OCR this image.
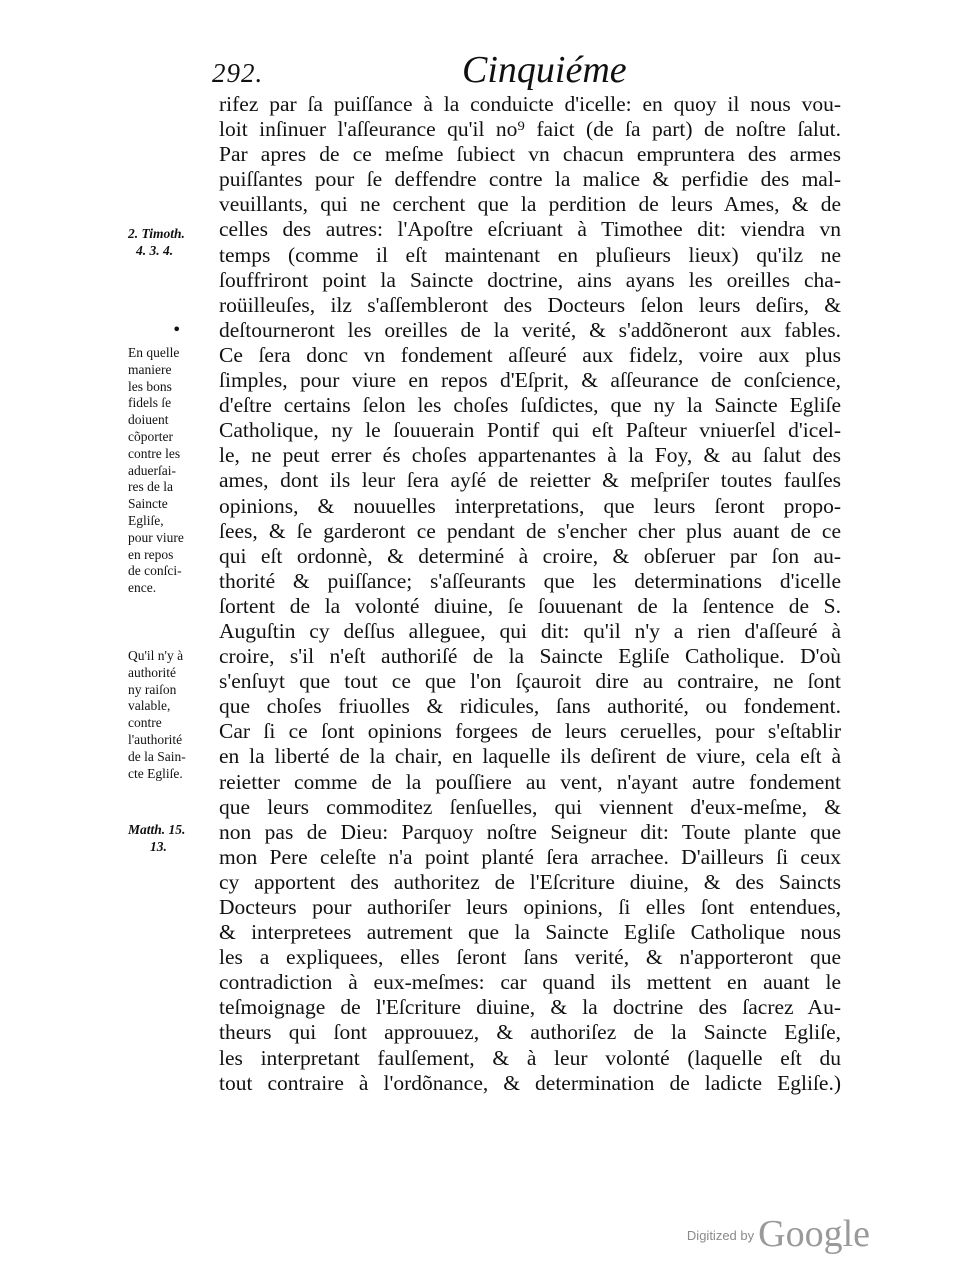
292.	Cinquiéme
rifez par ſa puiſſance à la conduicte d'icelle: en quoy il nous vou-
loit inſinuer l'aſſeurance qu'il no⁹ faict (de ſa part) de noſtre ſalut.
Par apres de ce meſme ſubiect vn chacun empruntera des armes
puiſſantes pour ſe deffendre contre la malice & perfidie des mal-
veuillants, qui ne cerchent que la perdition de leurs Ames, & de
celles des autres: l'Apoſtre eſcriuant à Timothee dit: viendra vn
temps (comme il eſt maintenant en pluſieurs lieux) qu'ilz ne
ſouffriront point la Saincte doctrine, ains ayans les oreilles cha-
roüilleuſes, ilz s'aſſembleront des Docteurs ſelon leurs deſirs, &
deſtourneront les oreilles de la verité, & s'addõneront aux fables.
Ce ſera donc vn fondement aſſeuré aux fidelz, voire aux plus
ſimples, pour viure en repos d'Eſprit, & aſſeurance de conſcience,
d'eſtre certains ſelon les choſes ſuſdictes, que ny la Saincte Egliſe
Catholique, ny le ſouuerain Pontif qui eſt Paſteur vniuerſel d'icel-
le, ne peut errer és choſes appartenantes à la Foy, & au ſalut des
ames, dont ils leur ſera ayſé de reietter & meſpriſer toutes faulſes
opinions, & nouuelles interpretations, que leurs ſeront propo-
ſees, & ſe garderont ce pendant de s'encher cher plus auant de ce
qui eſt ordonnè, & determiné à croire, & obſeruer par ſon au-
thorité & puiſſance; s'aſſeurants que les determinations d'icelle
ſortent de la volonté diuine, ſe ſouuenant de la ſentence de S.
Auguſtin cy deſſus alleguee, qui dit: qu'il n'y a rien d'aſſeuré à
croire, s'il n'eſt authoriſé de la Saincte Egliſe Catholique. D'où
s'enſuyt que tout ce que l'on ſçauroit dire au contraire, ne ſont
que choſes friuolles & ridicules, ſans authorité, ou fondement.
Car ſi ce ſont opinions forgees de leurs ceruelles, pour s'eſtablir
en la liberté de la chair, en laquelle ils deſirent de viure, cela eſt à
reietter comme de la pouſſiere au vent, n'ayant autre fondement
que leurs commoditez ſenſuelles, qui viennent d'eux-meſme, &
non pas de Dieu: Parquoy noſtre Seigneur dit: Toute plante que
mon Pere celeſte n'a point planté ſera arrachee. D'ailleurs ſi ceux
cy apportent des authoritez de l'Eſcriture diuine, & des Saincts
Docteurs pour authoriſer leurs opinions, ſi elles ſont entendues,
& interpretees autrement que la Saincte Egliſe Catholique nous
les a expliquees, elles ſeront ſans verité, & n'apporteront que
contradiction à eux-meſmes: car quand ils mettent en auant le
teſmoignage de l'Eſcriture diuine, & la doctrine des ſacrez Au-
theurs qui ſont approuuez, & authoriſez de la Saincte Egliſe,
les interpretant faulſement, & à leur volonté (laquelle eſt du
tout contraire à l'ordõnance, & determination de ladicte Egliſe.)
2. Timoth.
4. 3. 4.
•
En quelle
maniere
les bons
fidels ſe
doiuent
cõporter
contre les
aduerſai-
res de la
Saincte
Egliſe,
pour viure
en repos
de conſci-
ence.
Qu'il n'y à
authorité
ny raiſon
valable,
contre
l'authorité
de la Sain-
cte Egliſe.
Matth. 15.
13.
$^{Digitized by}$ Google
